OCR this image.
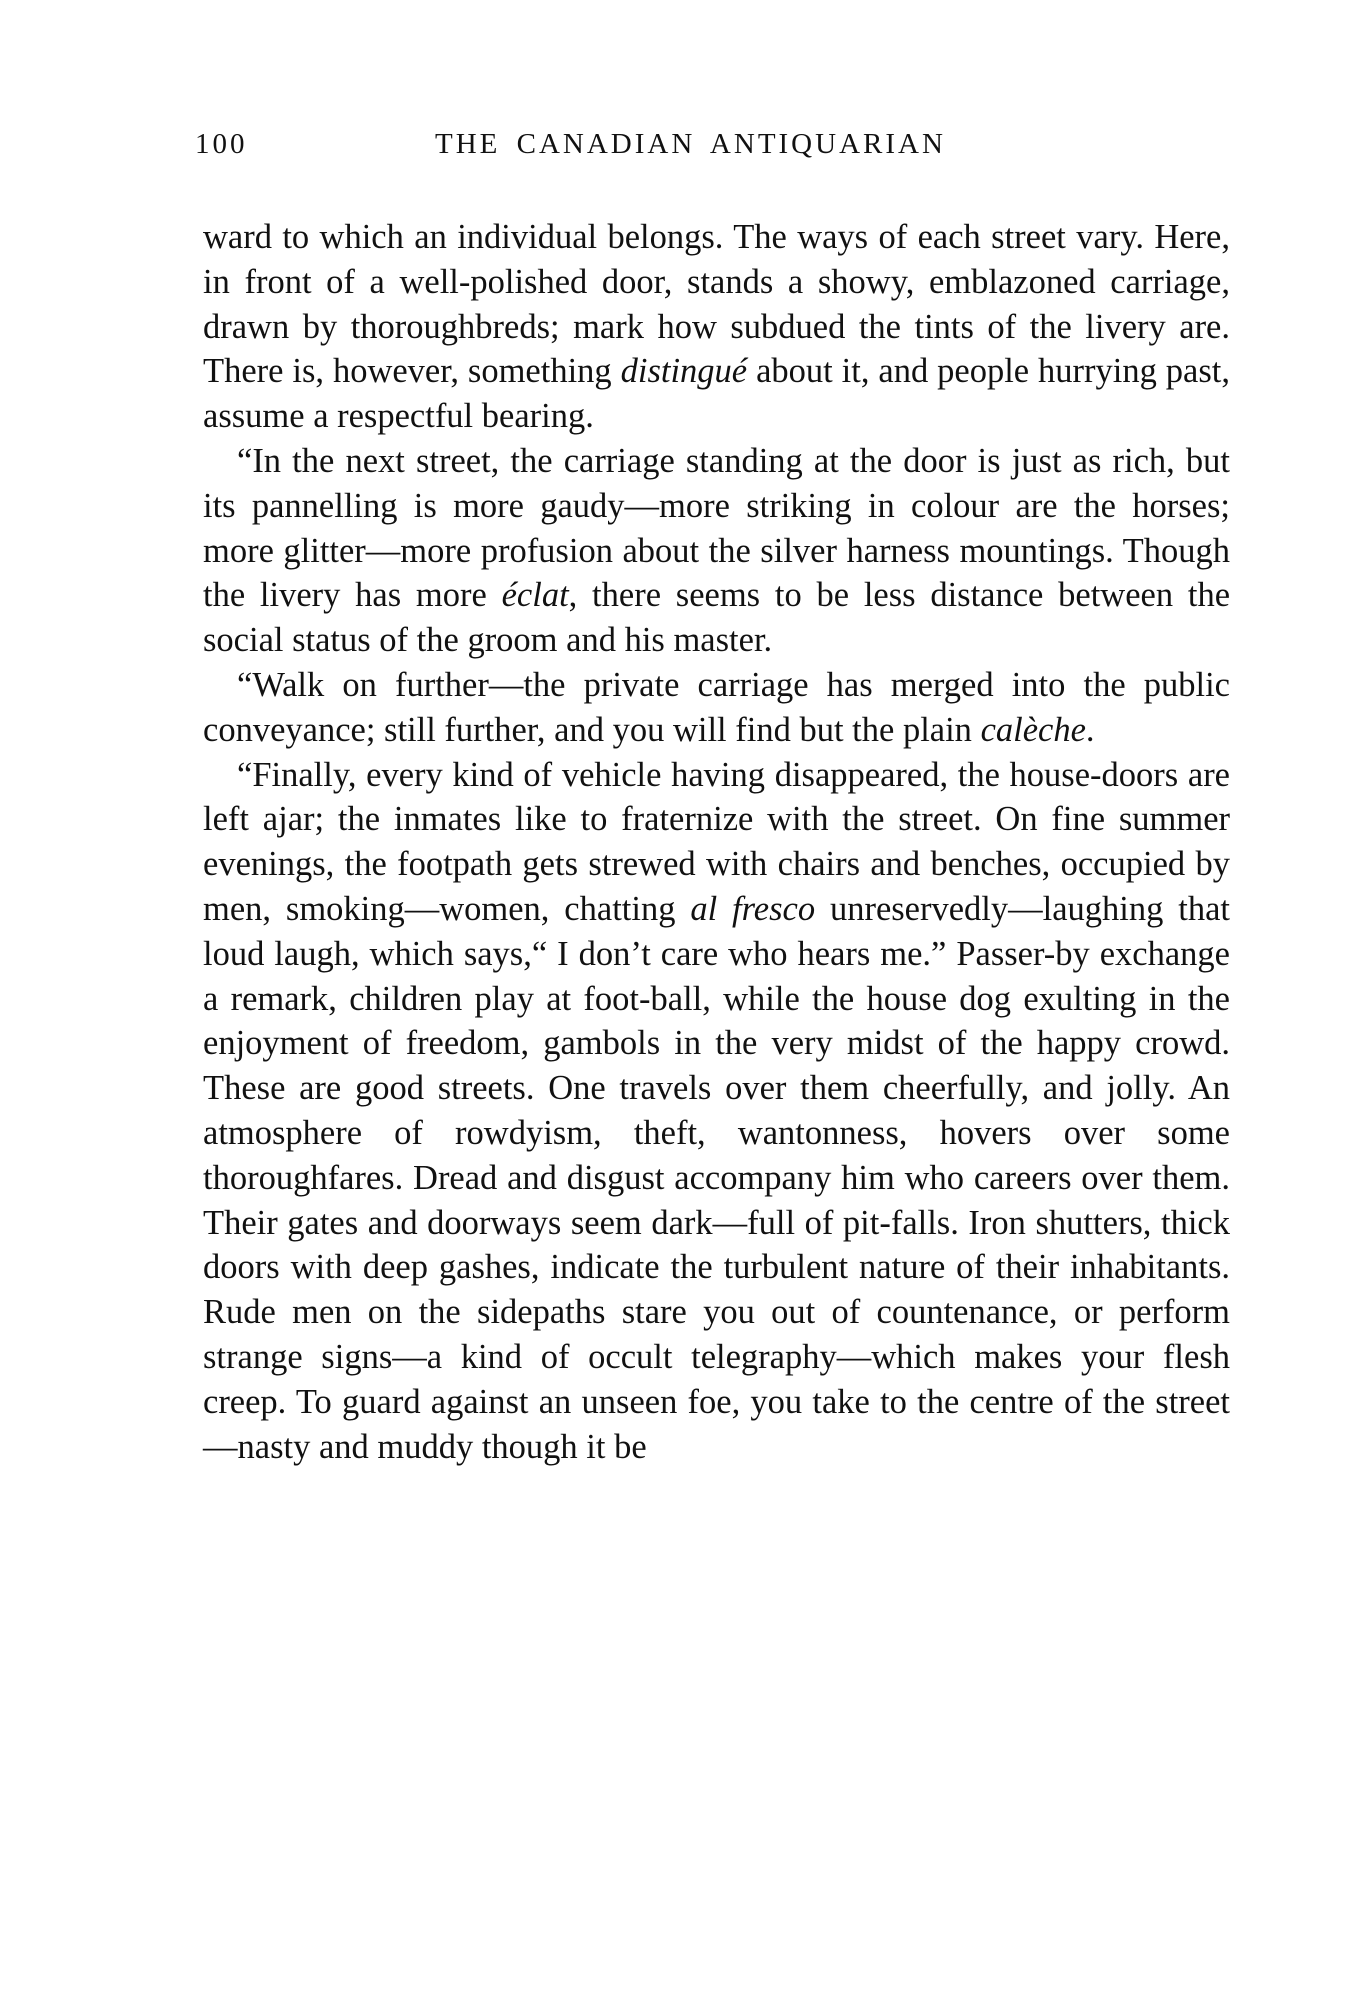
100	THE CANADIAN ANTIQUARIAN

ward to which an individual belongs. The ways of each street vary. Here, in front of a well-polished door, stands a showy, emblazoned carriage, drawn by thoroughbreds; mark how subdued the tints of the livery are. There is, however, something distingué about it, and people hurrying past, assume a respectful bearing.

“In the next street, the carriage standing at the door is just as rich, but its pannelling is more gaudy—more striking in colour are the horses; more glitter—more profusion about the silver harness mountings. Though the livery has more éclat, there seems to be less distance between the social status of the groom and his master.

“Walk on further—the private carriage has merged into the public conveyance; still further, and you will find but the plain calèche.

“Finally, every kind of vehicle having disappeared, the house-doors are left ajar; the inmates like to fraternize with the street. On fine summer evenings, the footpath gets strewed with chairs and benches, occupied by men, smoking—women, chatting al fresco unreservedly—laughing that loud laugh, which says,“ I don’t care who hears me.” Passer-by exchange a remark, children play at foot-ball, while the house dog exulting in the enjoyment of freedom, gambols in the very midst of the happy crowd. These are good streets. One travels over them cheerfully, and jolly. An atmosphere of rowdyism, theft, wantonness, hovers over some thoroughfares. Dread and disgust accompany him who careers over them. Their gates and doorways seem dark—full of pit-falls. Iron shutters, thick doors with deep gashes, indicate the turbulent nature of their inhabitants. Rude men on the sidepaths stare you out of countenance, or perform strange signs—a kind of occult telegraphy—which makes your flesh creep. To guard against an unseen foe, you take to the centre of the street—nasty and muddy though it be
